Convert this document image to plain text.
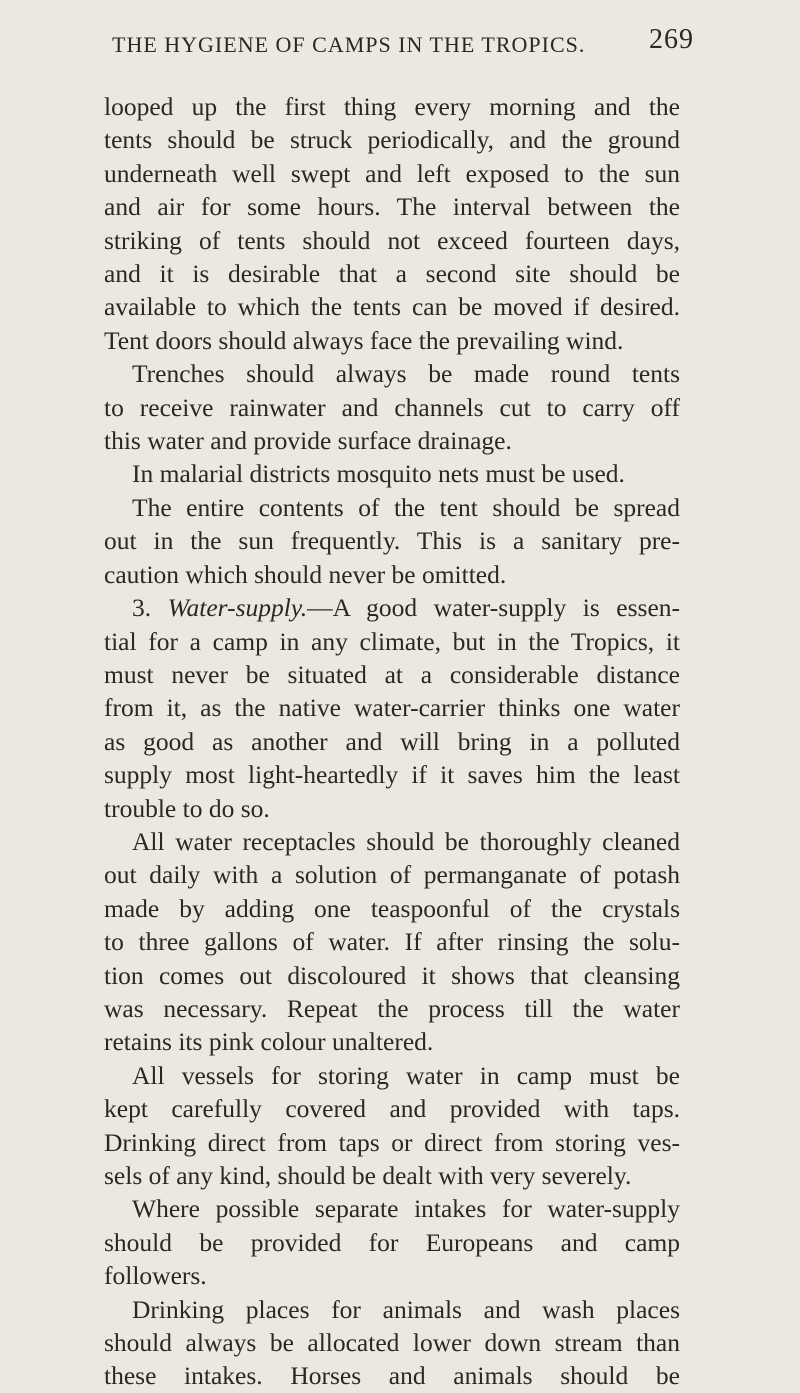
THE HYGIENE OF CAMPS IN THE TROPICS. 269
looped up the first thing every morning and the
tents should be struck periodically, and the ground
underneath well swept and left exposed to the sun
and air for some hours. The interval between the
striking of tents should not exceed fourteen days,
and it is desirable that a second site should be
available to which the tents can be moved if desired.
Tent doors should always face the prevailing wind.
Trenches should always be made round tents
to receive rainwater and channels cut to carry off
this water and provide surface drainage.
In malarial districts mosquito nets must be used.
The entire contents of the tent should be spread
out in the sun frequently. This is a sanitary pre-
caution which should never be omitted.
3. Water-supply.—A good water-supply is essen-
tial for a camp in any climate, but in the Tropics, it
must never be situated at a considerable distance
from it, as the native water-carrier thinks one water
as good as another and will bring in a polluted
supply most light-heartedly if it saves him the least
trouble to do so.
All water receptacles should be thoroughly cleaned
out daily with a solution of permanganate of potash
made by adding one teaspoonful of the crystals
to three gallons of water. If after rinsing the solu-
tion comes out discoloured it shows that cleansing
was necessary. Repeat the process till the water
retains its pink colour unaltered.
All vessels for storing water in camp must be
kept carefully covered and provided with taps.
Drinking direct from taps or direct from storing ves-
sels of any kind, should be dealt with very severely.
Where possible separate intakes for water-supply
should be provided for Europeans and camp
followers.
Drinking places for animals and wash places
should always be allocated lower down stream than
these intakes. Horses and animals should be
